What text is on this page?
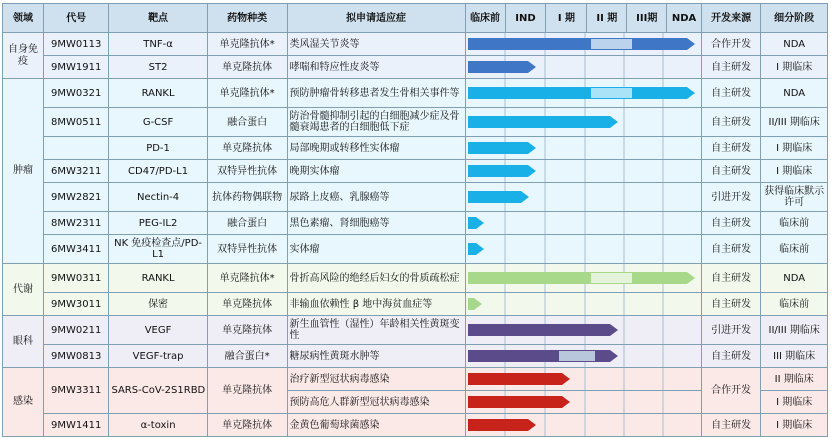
领域	代号	靶点	药物种类	拟申请适应症	临床前	IND	Ⅰ 期	II 期	III期	NDA	开发来源	细分阶段
自身免疫	9MW0113	TNF-α	单克隆抗体*	类风湿关节炎等							合作开发	NDA
	9MW1911	ST2	单克隆抗体	哮喘和特应性皮炎等							自主研发	I 期临床
肿瘤	9MW0321	RANKL	单克隆抗体*	预防肿瘤骨转移患者发生骨相关事件等							自主研发	NDA
	8MW0511	G-CSF	融合蛋白	防治骨髓抑制引起的白细胞减少症及骨髓衰竭患者的白细胞低下症							自主研发	II/III 期临床
		PD-1	单克隆抗体	局部晚期或转移性实体瘤							自主研发	I 期临床
	6MW3211	CD47/PD-L1	双特异性抗体	晚期实体瘤							自主研发	I 期临床
	9MW2821	Nectin-4	抗体药物偶联物	尿路上皮癌、乳腺癌等							引进开发	获得临床默示许可
	8MW2311	PEG-IL2	融合蛋白	黑色素瘤、肾细胞癌等							自主研发	临床前
	6MW3411	NK 免疫检查点/PD-L1	双特异性抗体	实体瘤							自主研发	临床前
代谢	9MW0311	RANKL	单克隆抗体*	骨折高风险的绝经后妇女的骨质疏松症							自主研发	NDA
	9MW3011	保密	单克隆抗体	非输血依赖性 β 地中海贫血症等							自主研发	临床前
眼科	9MW0211	VEGF	单克隆抗体	新生血管性（湿性）年龄相关性黄斑变性							引进开发	II/III 期临床
	9MW0813	VEGF-trap	融合蛋白*	糖尿病性黄斑水肿等							自主研发	III 期临床
感染	9MW3311	SARS-CoV-2S1RBD	单克隆抗体	治疗新型冠状病毒感染							合作开发	II 期临床
				预防高危人群新型冠状病毒感染								I 期临床
	9MW1411	α-toxin	单克隆抗体	金黄色葡萄球菌感染							自主研发	I 期临床
